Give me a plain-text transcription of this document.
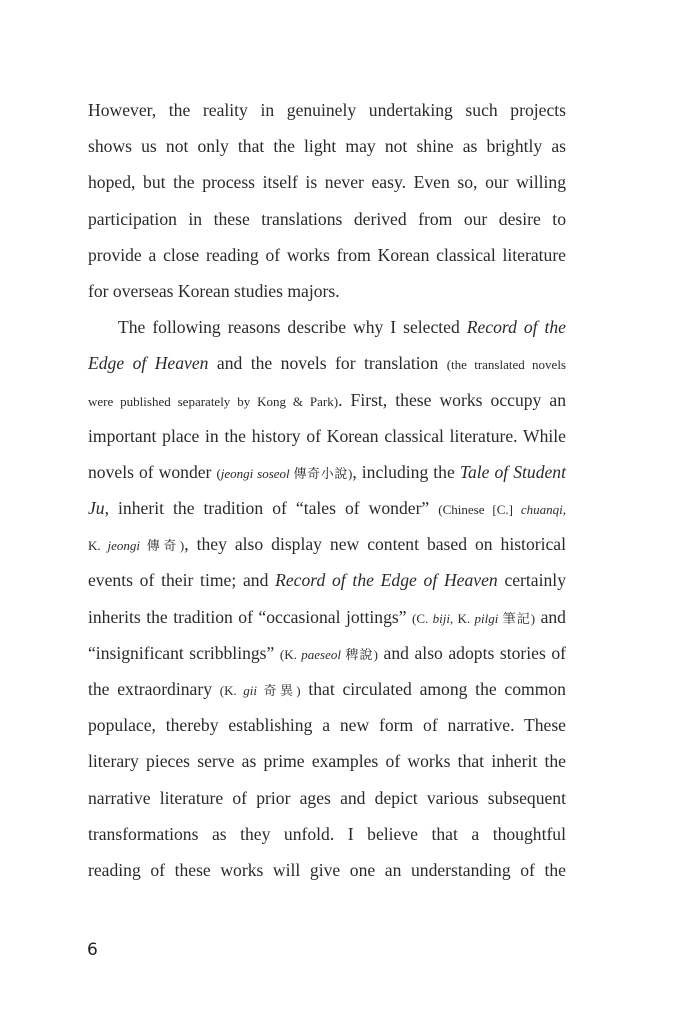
However, the reality in genuinely undertaking such projects
shows us not only that the light may not shine as brightly as
hoped, but the process itself is never easy. Even so, our willing
participation in these translations derived from our desire to
provide a close reading of works from Korean classical literature
for overseas Korean studies majors.
The following reasons describe why I selected Record of the
Edge of Heaven and the novels for translation (the translated novels
were published separately by Kong & Park). First, these works occupy an
important place in the history of Korean classical literature. While
novels of wonder (jeongi soseol 傳奇小說), including the Tale of Student
Ju, inherit the tradition of “tales of wonder” (Chinese [C.] chuanqi,
K. jeongi 傳奇), they also display new content based on historical
events of their time; and Record of the Edge of Heaven certainly
inherits the tradition of “occasional jottings” (C. biji, K. pilgi 筆記) and
“insignificant scribblings” (K. paeseol 稗說) and also adopts stories of
the extraordinary (K. gii 奇異) that circulated among the common
populace, thereby establishing a new form of narrative. These
literary pieces serve as prime examples of works that inherit the
narrative literature of prior ages and depict various subsequent
transformations as they unfold. I believe that a thoughtful
reading of these works will give one an understanding of the
6
